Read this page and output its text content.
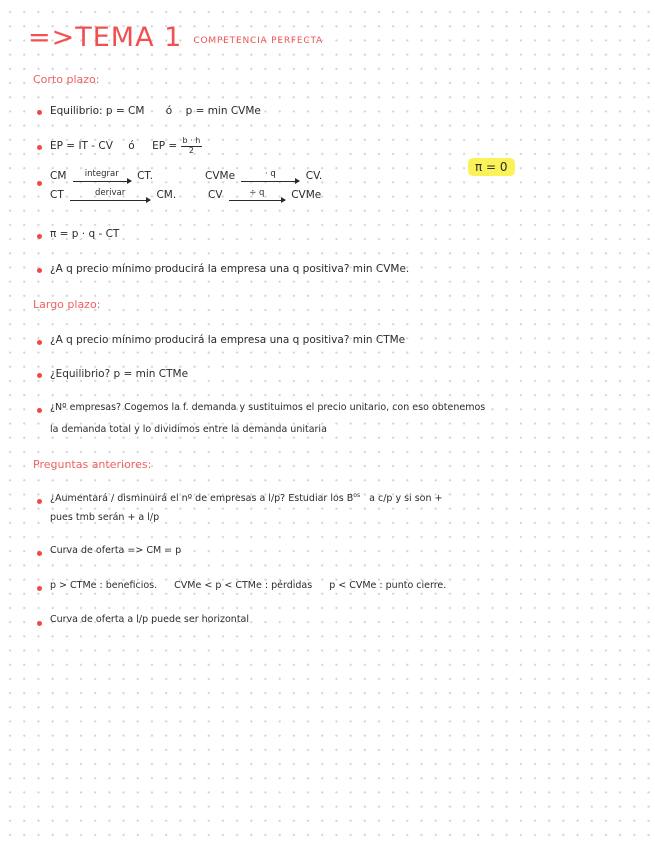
=>TEMA 1 COMPETENCIA PERFECTA
Corto plazo:
Equilibrio: p = CM ó p = min CVMe
EP = IT - CV ó EP = $\frac{b \cdot h}{2}$
π = 0
CM	integrar	CT.	CVMe	· q	CV.
CT	derivar	CM.	CV	÷ q	CVMe
π = p · q - CT
¿A q precio mínimo producirá la empresa una q positiva? min CVMe.
Largo plazo:
¿A q precio mínimo producirá la empresa una q positiva? min CTMe
¿Equilibrio? p = min CTMe
¿Nº empresas? Cogemos la f. demanda y sustituimos el precio unitario, con eso obtenemos
la demanda total y lo dividimos entre la demanda unitaria
Preguntas anteriores:
¿Aumentará / disminuirá el nº de empresas a l/p? Estudiar los $B^{os}$ a c/p y si son +
pues tmb serán + a l/p
Curva de oferta => CM = p
p > CTMe : beneficios. CVMe < p < CTMe : pérdidas p < CVMe : punto cierre.
Curva de oferta a l/p puede ser horizontal
